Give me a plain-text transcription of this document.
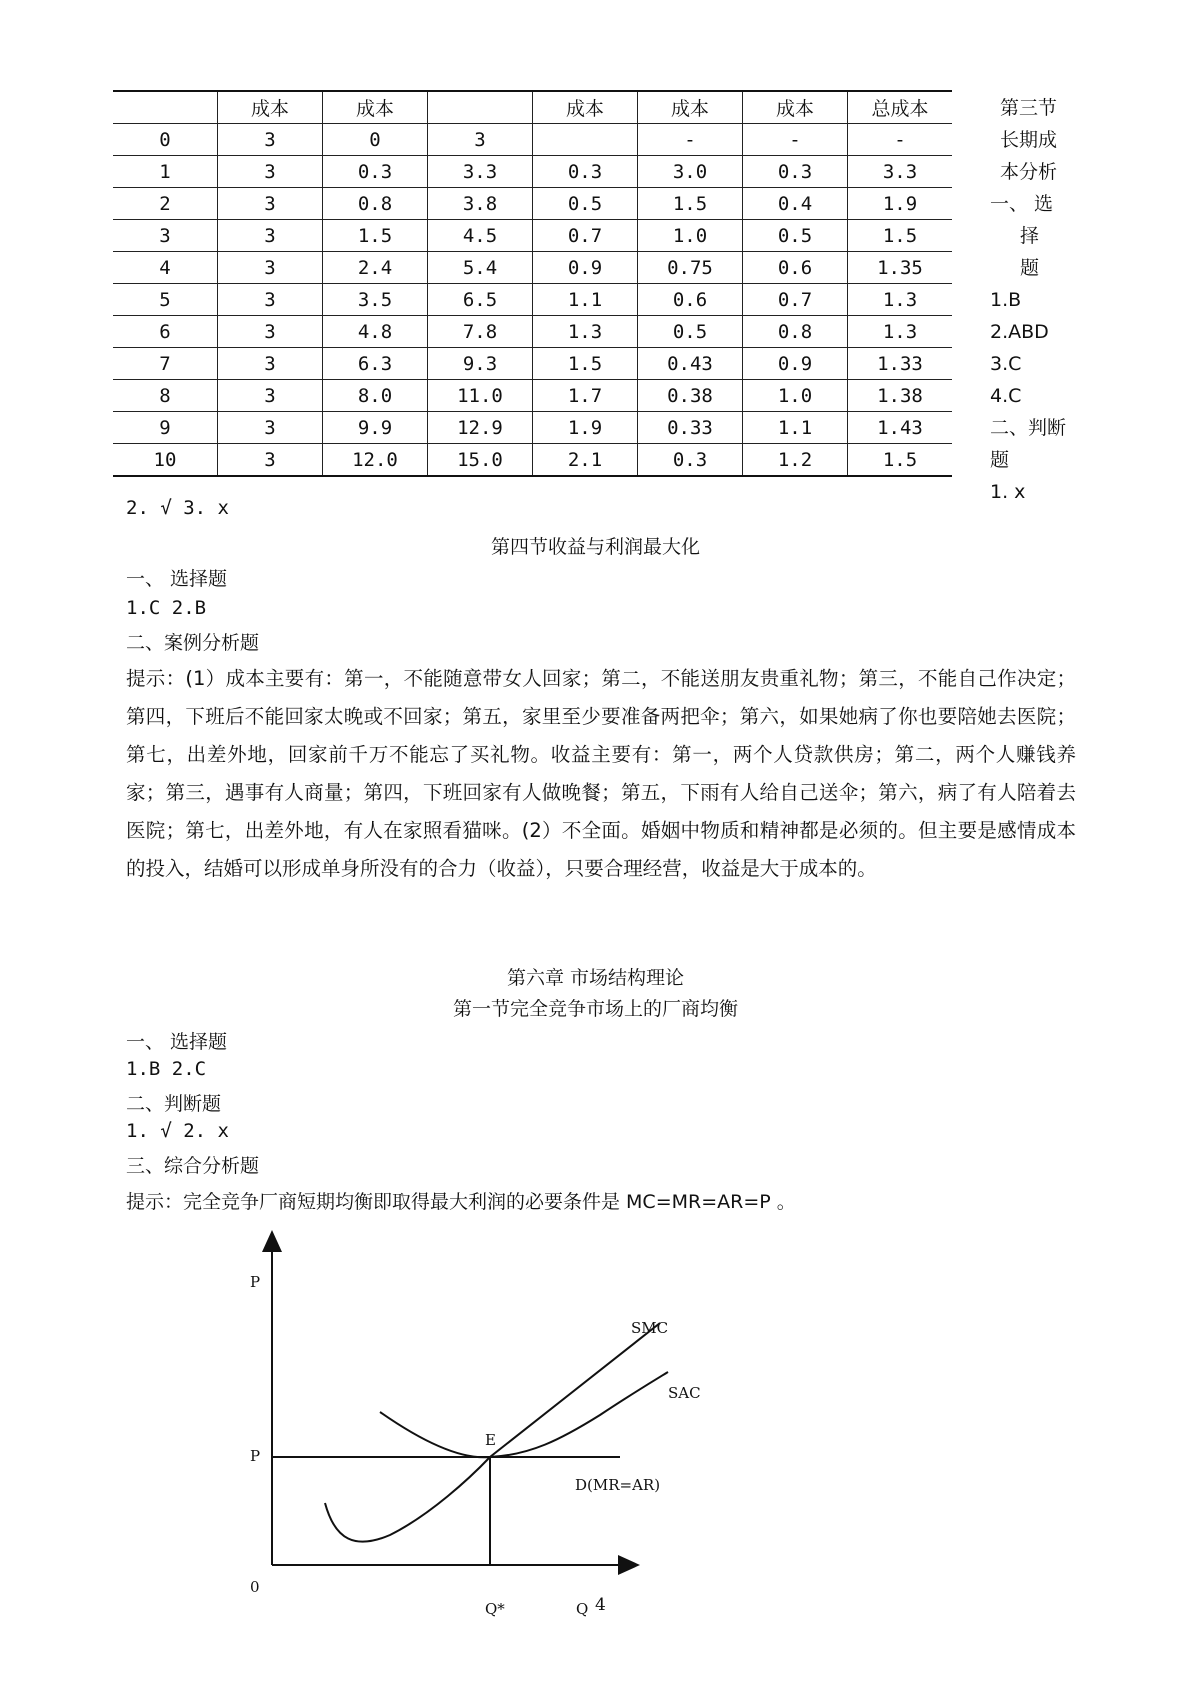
	成本	成本		成本	成本	成本	总成本
0	3	0	3		-	-	-
1	3	0.3	3.3	0.3	3.0	0.3	3.3
2	3	0.8	3.8	0.5	1.5	0.4	1.9
3	3	1.5	4.5	0.7	1.0	0.5	1.5
4	3	2.4	5.4	0.9	0.75	0.6	1.35
5	3	3.5	6.5	1.1	0.6	0.7	1.3
6	3	4.8	7.8	1.3	0.5	0.8	1.3
7	3	6.3	9.3	1.5	0.43	0.9	1.33
8	3	8.0	11.0	1.7	0.38	1.0	1.38
9	3	9.9	12.9	1.9	0.33	1.1	1.43
10	3	12.0	15.0	2.1	0.3	1.2	1.5
第三节
长期成
本分析
一、 选
择
题
1.B
2.ABD
3.C
4.C
二、判断
题
1. x
2. √ 3. x
第四节收益与利润最大化
一、 选择题
1.C 2.B
二、案例分析题
提示：(1）成本主要有：第一，不能随意带女人回家；第二，不能送朋友贵重礼物；第三，不能自己作决定；第四，下班后不能回家太晚或不回家；第五，家里至少要准备两把伞；第六，如果她病了你也要陪她去医院；第七，出差外地，回家前千万不能忘了买礼物。收益主要有：第一，两个人贷款供房；第二，两个人赚钱养家；第三，遇事有人商量；第四，下班回家有人做晚餐；第五，下雨有人给自己送伞；第六，病了有人陪着去医院；第七，出差外地，有人在家照看猫咪。(2）不全面。婚姻中物质和精神都是必须的。但主要是感情成本的投入，结婚可以形成单身所没有的合力（收益），只要合理经营，收益是大于成本的。
第六章 市场结构理论
第一节完全竞争市场上的厂商均衡
一、 选择题
1.B 2.C
二、判断题
1. √ 2. x
三、综合分析题
提示：完全竞争厂商短期均衡即取得最大利润的必要条件是 MC=MR=AR=P 。
P
P
0
E
SMC
SAC
D(MR=AR)
Q*	Q 4
